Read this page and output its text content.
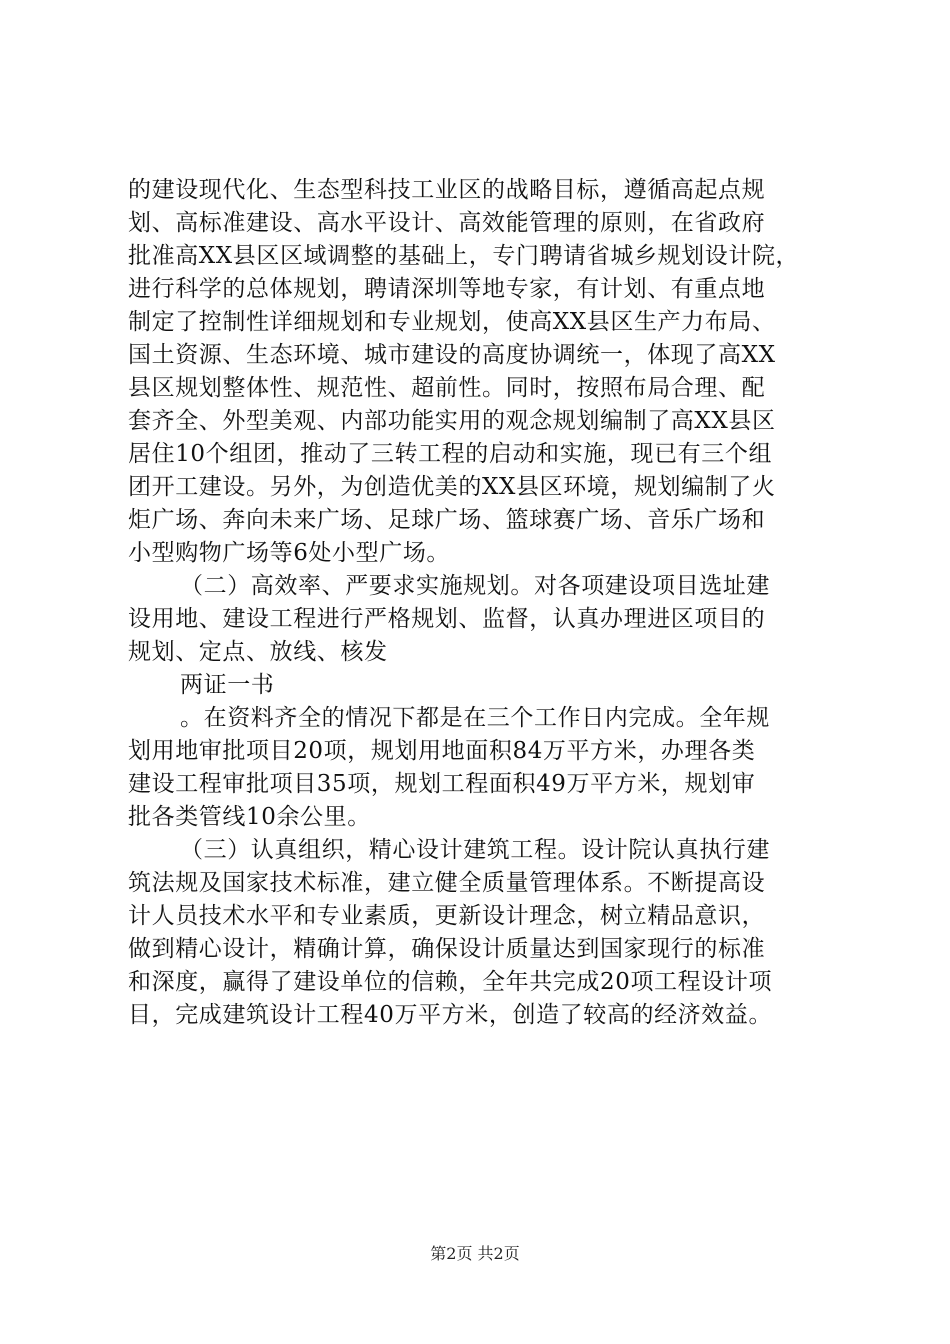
的建设现代化、生态型科技工业区的战略目标，遵循高起点规
划、高标准建设、高水平设计、高效能管理的原则，在省政府
批准高XX县区区域调整的基础上，专门聘请省城乡规划设计院，
进行科学的总体规划，聘请深圳等地专家，有计划、有重点地
制定了控制性详细规划和专业规划，使高XX县区生产力布局、
国土资源、生态环境、城市建设的高度协调统一，体现了高XX
县区规划整体性、规范性、超前性。同时，按照布局合理、配
套齐全、外型美观、内部功能实用的观念规划编制了高XX县区
居住10个组团，推动了三转工程的启动和实施，现已有三个组
团开工建设。另外，为创造优美的XX县区环境，规划编制了火
炬广场、奔向未来广场、足球广场、篮球赛广场、音乐广场和
小型购物广场等6处小型广场。
（二）高效率、严要求实施规划。对各项建设项目选址建
设用地、建设工程进行严格规划、监督，认真办理进区项目的
规划、定点、放线、核发
两证一书
。在资料齐全的情况下都是在三个工作日内完成。全年规
划用地审批项目20项，规划用地面积84万平方米，办理各类
建设工程审批项目35项，规划工程面积49万平方米，规划审
批各类管线10余公里。
（三）认真组织，精心设计建筑工程。设计院认真执行建
筑法规及国家技术标准，建立健全质量管理体系。不断提高设
计人员技术水平和专业素质，更新设计理念，树立精品意识，
做到精心设计，精确计算，确保设计质量达到国家现行的标准
和深度，赢得了建设单位的信赖，全年共完成20项工程设计项
目，完成建筑设计工程40万平方米，创造了较高的经济效益。
第2页 共2页
